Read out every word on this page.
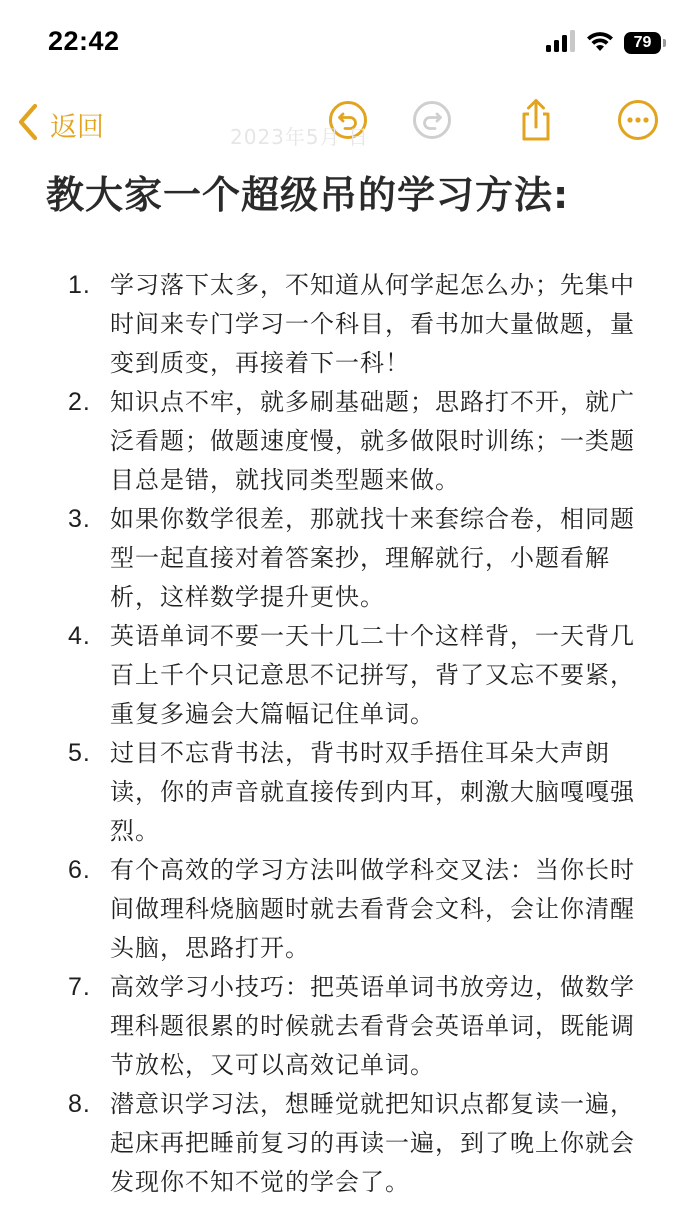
22:42	79
返回	2023年5月 日
教大家一个超级吊的学习方法:
1. 学习落下太多，不知道从何学起怎么办；先集中时间来专门学习一个科目，看书加大量做题，量变到质变，再接着下一科！
2. 知识点不牢，就多刷基础题；思路打不开，就广泛看题；做题速度慢，就多做限时训练；一类题目总是错，就找同类型题来做。
3. 如果你数学很差，那就找十来套综合卷，相同题型一起直接对着答案抄，理解就行，小题看解析，这样数学提升更快。
4. 英语单词不要一天十几二十个这样背，一天背几百上千个只记意思不记拼写，背了又忘不要紧，重复多遍会大篇幅记住单词。
5. 过目不忘背书法，背书时双手捂住耳朵大声朗读，你的声音就直接传到内耳，刺激大脑嘎嘎强烈。
6. 有个高效的学习方法叫做学科交叉法：当你长时间做理科烧脑题时就去看背会文科，会让你清醒头脑，思路打开。
7. 高效学习小技巧：把英语单词书放旁边，做数学理科题很累的时候就去看背会英语单词，既能调节放松，又可以高效记单词。
8. 潜意识学习法，想睡觉就把知识点都复读一遍，起床再把睡前复习的再读一遍，到了晚上你就会发现你不知不觉的学会了。
